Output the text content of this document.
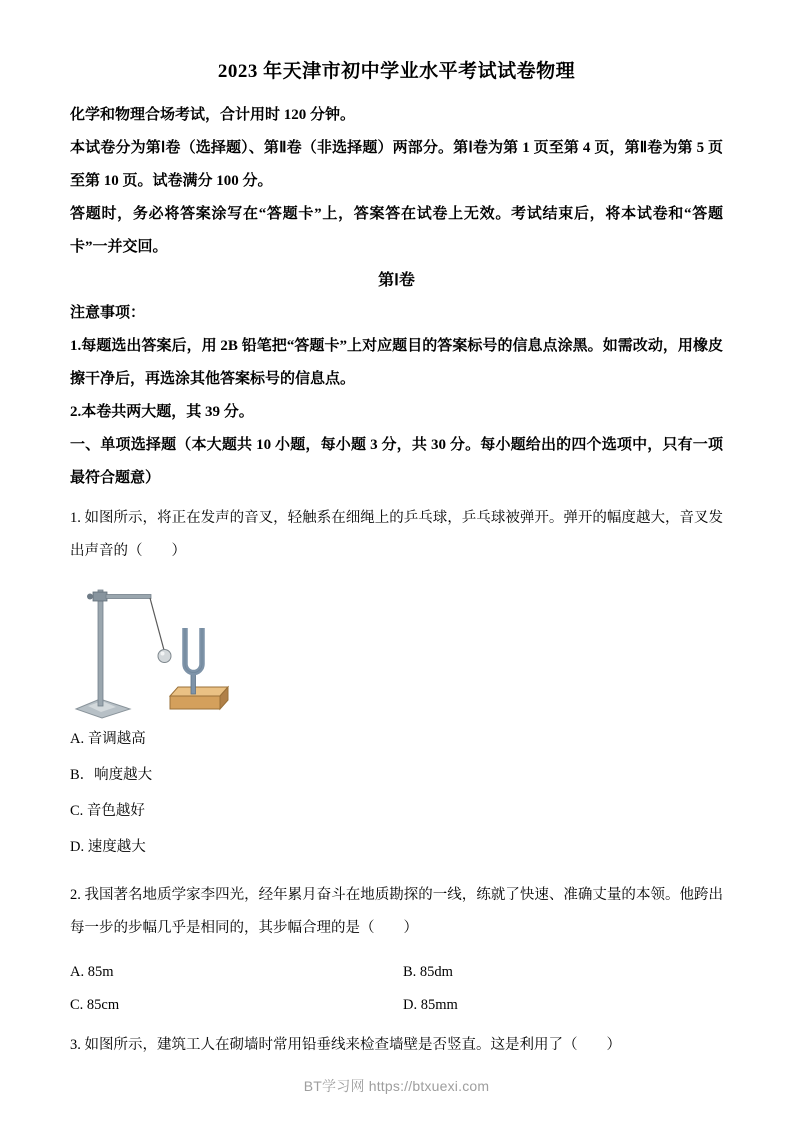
2023 年天津市初中学业水平考试试卷物理

化学和物理合场考试，合计用时 120 分钟。

本试卷分为第Ⅰ卷（选择题）、第Ⅱ卷（非选择题）两部分。第Ⅰ卷为第 1 页至第 4 页，第Ⅱ卷为第 5 页至第 10 页。试卷满分 100 分。

答题时，务必将答案涂写在“答题卡”上，答案答在试卷上无效。考试结束后，将本试卷和“答题卡”一并交回。

第Ⅰ卷

注意事项：

1.每题选出答案后，用 2B 铅笔把“答题卡”上对应题目的答案标号的信息点涂黑。如需改动，用橡皮擦干净后，再选涂其他答案标号的信息点。

2.本卷共两大题，其 39 分。

一、单项选择题（本大题共 10 小题，每小题 3 分，共 30 分。每小题给出的四个选项中，只有一项最符合题意）

1. 如图所示，将正在发声的音叉，轻触系在细绳上的乒乓球，乒乓球被弹开。弹开的幅度越大，音叉发出声音的（　　）

A. 音调越高

B．响度越大

C. 音色越好

D. 速度越大

2. 我国著名地质学家李四光，经年累月奋斗在地质勘探的一线，练就了快速、准确丈量的本领。他跨出每一步的步幅几乎是相同的，其步幅合理的是（　　）

A. 85m	B. 85dm
C. 85cm	D. 85mm

3. 如图所示，建筑工人在砌墙时常用铅垂线来检查墙壁是否竖直。这是利用了（　　）

BT学习网 https://btxuexi.com
